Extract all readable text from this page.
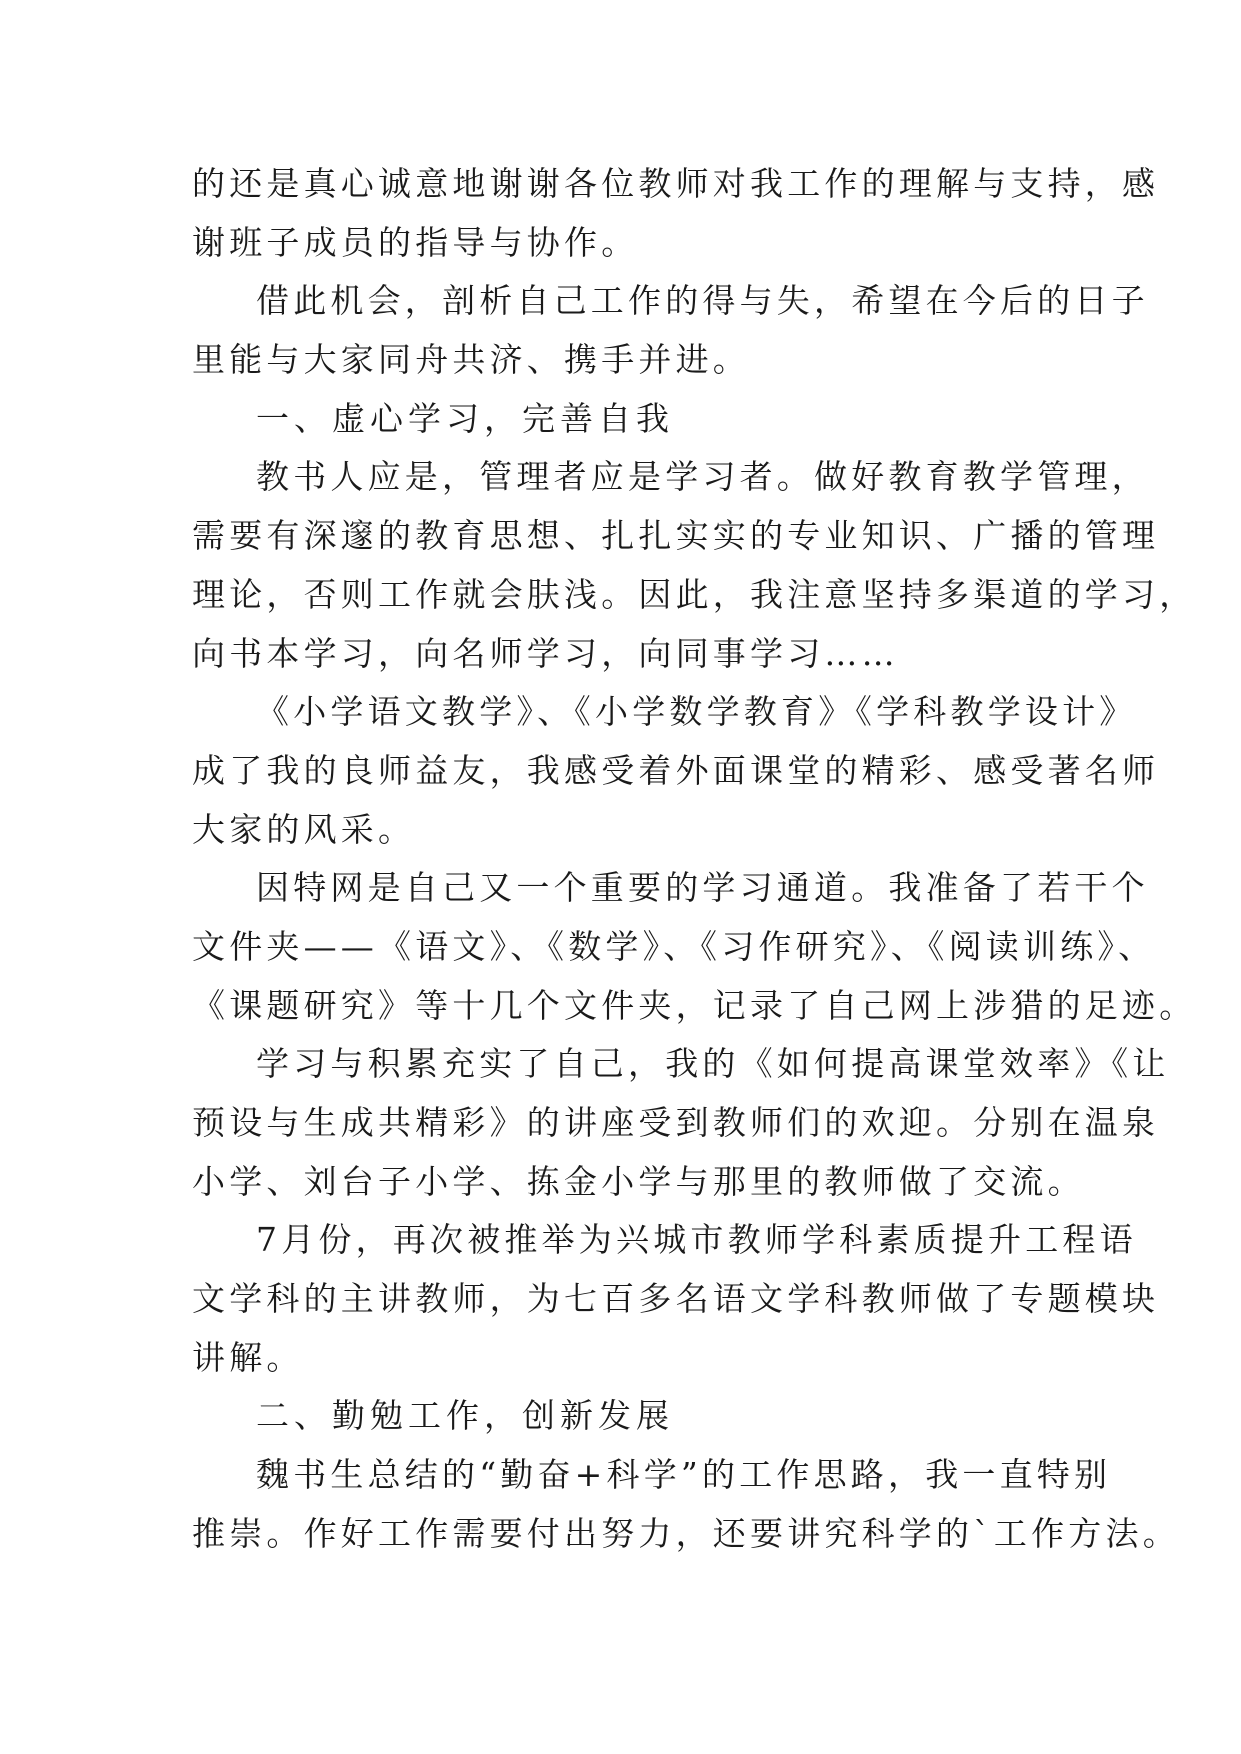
的还是真心诚意地谢谢各位教师对我工作的理解与支持，感
谢班子成员的指导与协作。
借此机会，剖析自己工作的得与失，希望在今后的日子
里能与大家同舟共济、携手并进。
一、虚心学习，完善自我
教书人应是，管理者应是学习者。做好教育教学管理，
需要有深邃的教育思想、扎扎实实的专业知识、广播的管理
理论，否则工作就会肤浅。因此，我注意坚持多渠道的学习，
向书本学习，向名师学习，向同事学习……
《小学语文教学》、《小学数学教育》《学科教学设计》
成了我的良师益友，我感受着外面课堂的精彩、感受著名师
大家的风采。
因特网是自己又一个重要的学习通道。我准备了若干个
文件夹——《语文》、《数学》、《习作研究》、《阅读训练》、
《课题研究》等十几个文件夹，记录了自己网上涉猎的足迹。
学习与积累充实了自己，我的《如何提高课堂效率》《让
预设与生成共精彩》的讲座受到教师们的欢迎。分别在温泉
小学、刘台子小学、拣金小学与那里的教师做了交流。
7月份，再次被推举为兴城市教师学科素质提升工程语
文学科的主讲教师，为七百多名语文学科教师做了专题模块
讲解。
二、勤勉工作，创新发展
魏书生总结的“勤奋+科学”的工作思路，我一直特别
推崇。作好工作需要付出努力，还要讲究科学的`工作方法。
